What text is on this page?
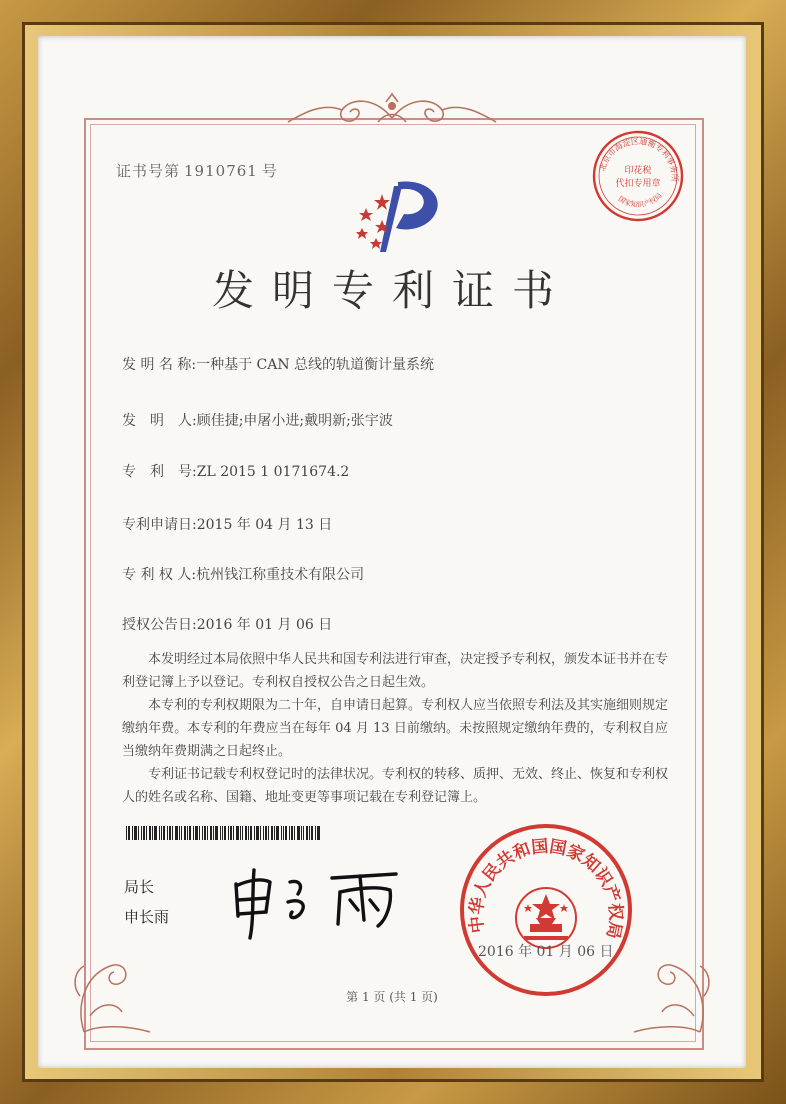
证书号第 1910761 号	北京市海淀区通衡专利事务所
国家知识产权局
印花税
代扣专用章
发明专利证书
发 明 名 称:一种基于 CAN 总线的轨道衡计量系统
发　明　人:顾佳捷;申屠小进;戴明新;张宇波
专　利　号:ZL 2015 1 0171674.2
专利申请日:2015 年 04 月 13 日
专 利 权 人:杭州钱江称重技术有限公司
授权公告日:2016 年 01 月 06 日

本发明经过本局依照中华人民共和国专利法进行审查，决定授予专利权，颁发本证书并在专利登记簿上予以登记。专利权自授权公告之日起生效。

本专利的专利权期限为二十年，自申请日起算。专利权人应当依照专利法及其实施细则规定缴纳年费。本专利的年费应当在每年 04 月 13 日前缴纳。未按照规定缴纳年费的，专利权自应当缴纳年费期满之日起终止。

专利证书记载专利权登记时的法律状况。专利权的转移、质押、无效、终止、恢复和专利权人的姓名或名称、国籍、地址变更等事项记载在专利登记簿上。

局长
申长雨	中华人民共和国国家知识产权局
2016 年 01 月 06 日
第 1 页 (共 1 页)
